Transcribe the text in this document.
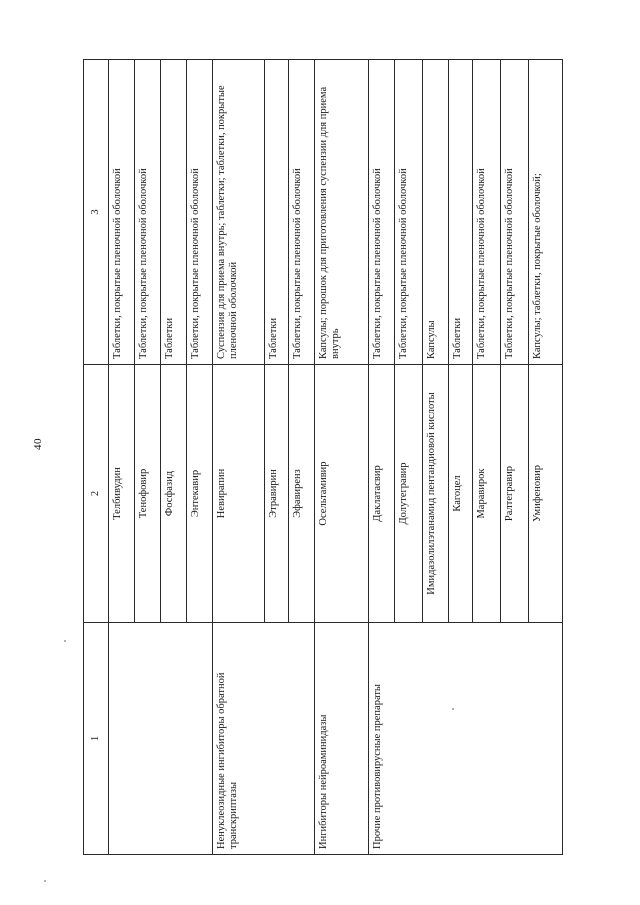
40
1	2	3
	Телбивудин	Таблетки, покрытые пленочной оболочкой
	Тенофовир	Таблетки, покрытые пленочной оболочкой
	Фосфазид	Таблетки
	Энтекавир	Таблетки, покрытые пленочной оболочкой
Ненуклеозидные ингибиторы обратной транскриптазы	Невирапин	Суспензия для приема внутрь; таблетки; таблетки, покрытые пленочной оболочкой
	Этравирин	Таблетки
	Эфавиренз	Таблетки, покрытые пленочной оболочкой
Ингибиторы нейроаминидазы	Осельтамивир	Капсулы; порошок для приготовления суспензии для приема внутрь
Прочие противовирусные препараты	Даклатасвир	Таблетки, покрытые пленочной оболочкой
	Долутегравир	Таблетки, покрытые пленочной оболочкой
	Имидазолилэтанамид пентандиовой кислоты	Капсулы
	Кагоцел	Таблетки
	Маравирок	Таблетки, покрытые пленочной оболочкой
	Ралтегравир	Таблетки, покрытые пленочной оболочкой
	Умифеновир	Капсулы; таблетки, покрытые оболочкой;
